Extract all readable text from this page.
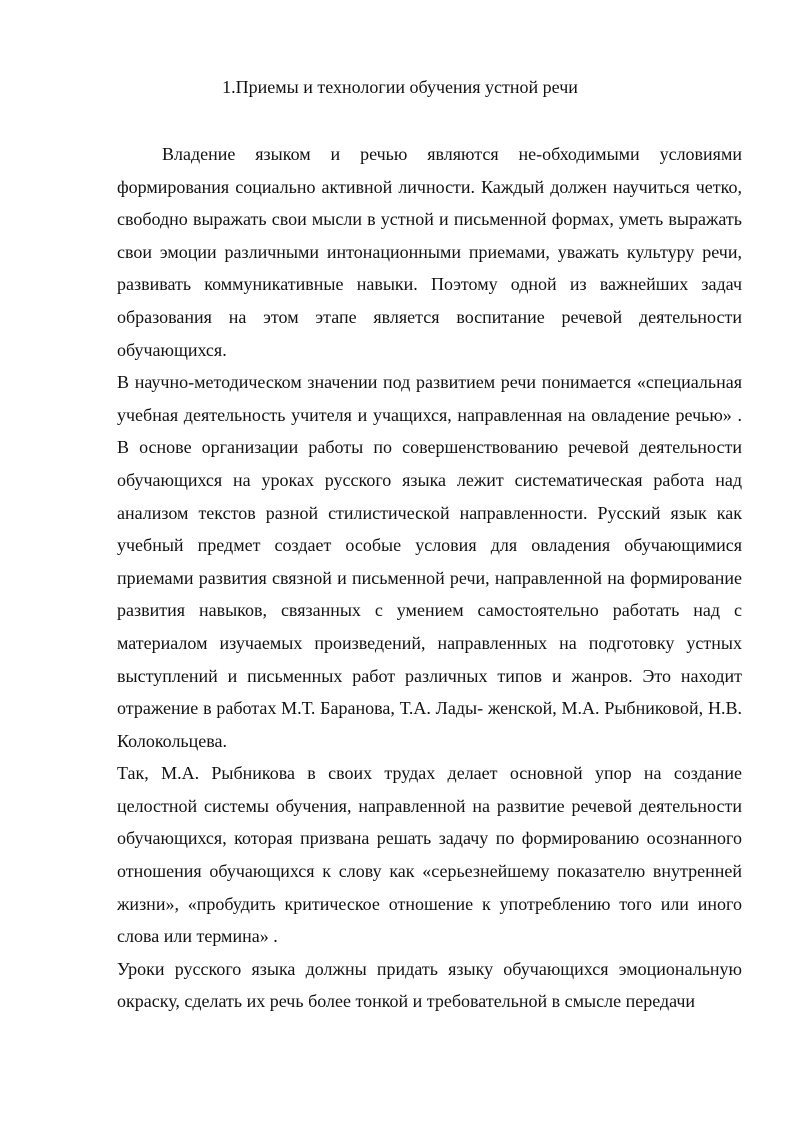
1.Приемы и технологии обучения устной речи

Владение языком и речью являются не-обходимыми условиями формирования социально активной личности. Каждый должен научиться четко, свободно выражать свои мысли в устной и письменной формах, уметь выражать свои эмоции различными интонационными приемами, уважать культуру речи, развивать коммуникативные навыки. Поэтому одной из важнейших задач образования на этом этапе является воспитание речевой деятельности обучающихся.

В научно-методическом значении под развитием речи понимается «специальная учебная деятельность учителя и учащихся, направленная на овладение речью» . В основе организации работы по совершенствованию речевой деятельности обучающихся на уроках русского языка лежит систематическая работа над анализом текстов разной стилистической направленности. Русский язык как учебный предмет создает особые условия для овладения обучающимися приемами развития связной и письменной речи, направленной на формирование развития навыков, связанных с умением самостоятельно работать над с материалом изучаемых произведений, направленных на подготовку устных выступлений и письменных работ различных типов и жанров. Это находит отражение в работах М.Т. Баранова, Т.А. Лады- женской, М.А. Рыбниковой, Н.В. Колокольцева.

Так, М.А. Рыбникова в своих трудах делает основной упор на создание целостной системы обучения, направленной на развитие речевой деятельности обучающихся, которая призвана решать задачу по формированию осознанного отношения обучающихся к слову как «серьезнейшему показателю внутренней жизни», «пробудить критическое отношение к употреблению того или иного слова или термина» .

Уроки русского языка должны придать языку обучающихся эмоциональную окраску, сделать их речь более тонкой и требовательной в смысле передачи
